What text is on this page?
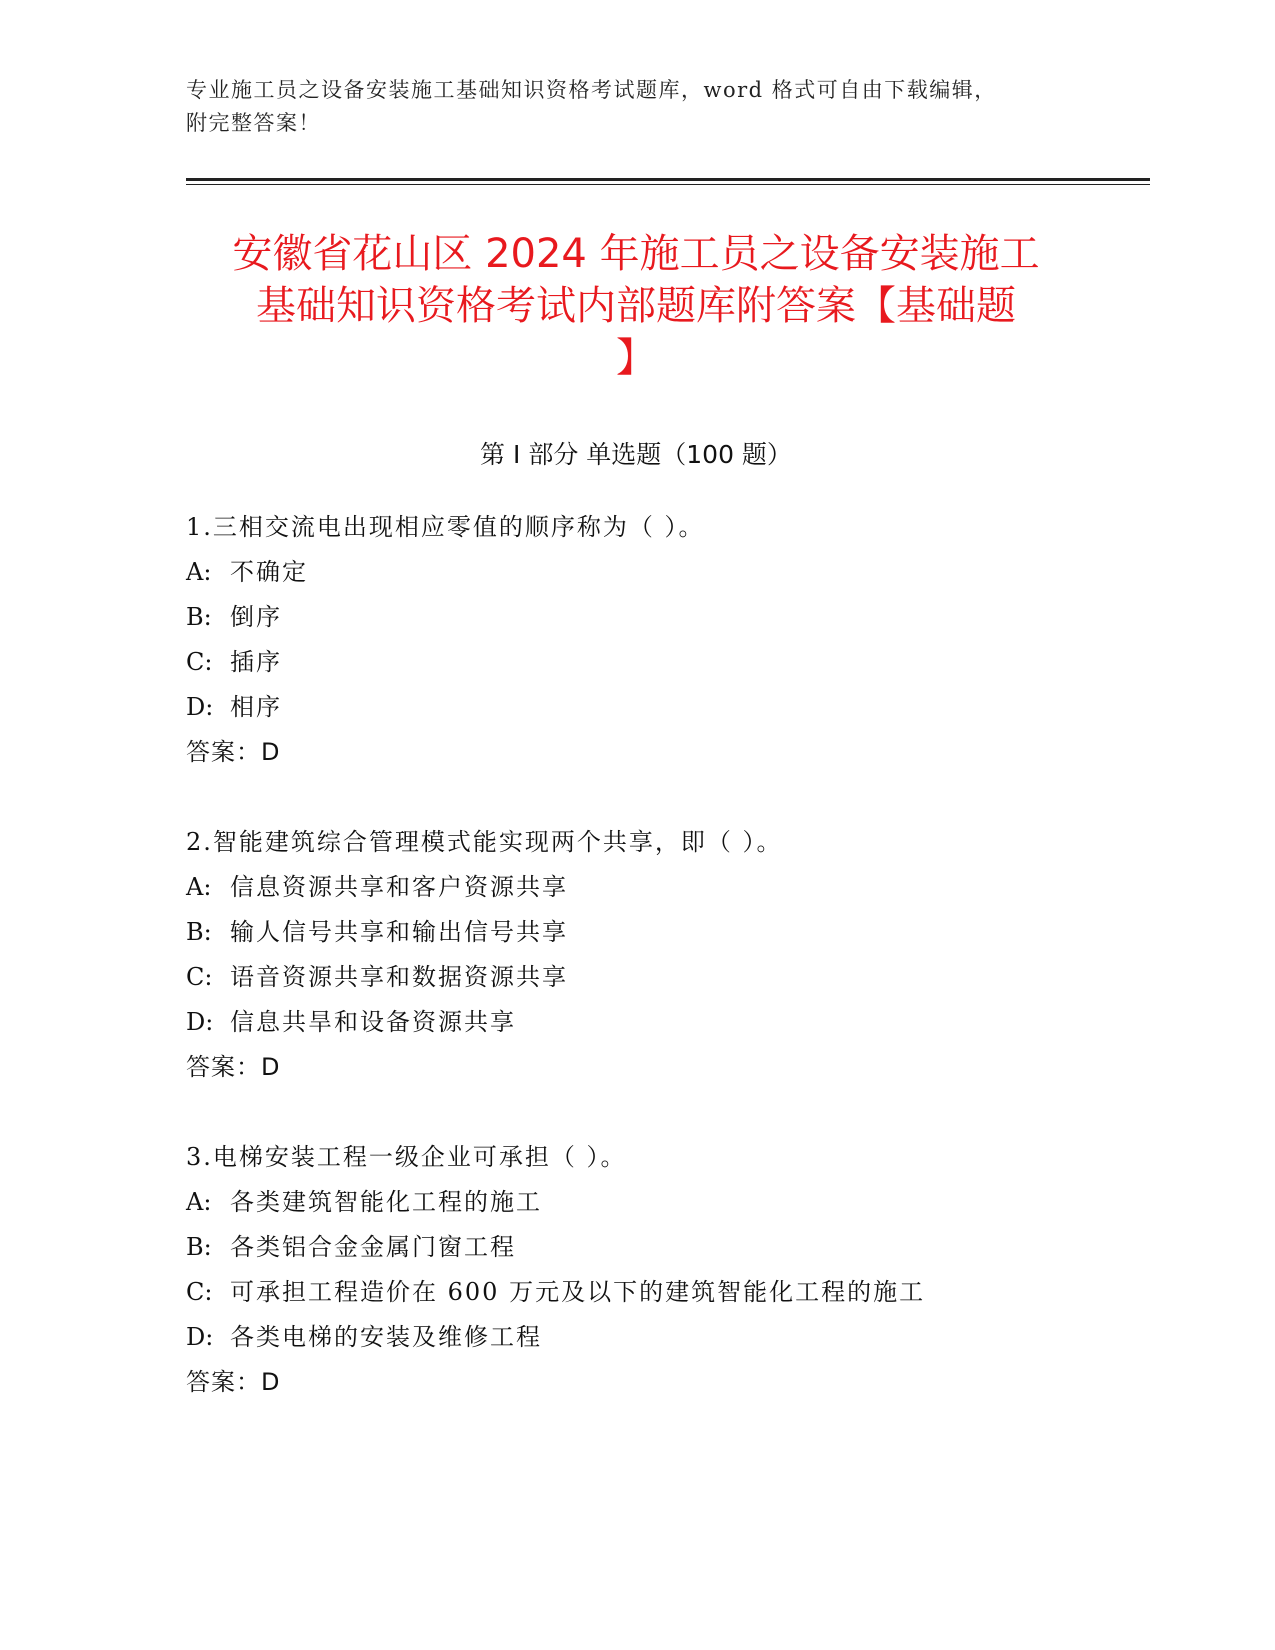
专业施工员之设备安装施工基础知识资格考试题库，word 格式可自由下载编辑，
附完整答案！
安徽省花山区 2024 年施工员之设备安装施工
基础知识资格考试内部题库附答案【基础题
】
第 I 部分 单选题（100 题）
1.三相交流电出现相应零值的顺序称为（ ）。
A: 不确定
B: 倒序
C: 插序
D: 相序
答案：D
2.智能建筑综合管理模式能实现两个共享，即（ ）。
A: 信息资源共享和客户资源共享
B: 输人信号共享和输出信号共享
C: 语音资源共享和数据资源共享
D: 信息共旱和设备资源共享
答案：D
3.电梯安装工程一级企业可承担（ ）。
A: 各类建筑智能化工程的施工
B: 各类铝合金金属门窗工程
C: 可承担工程造价在 600 万元及以下的建筑智能化工程的施工
D: 各类电梯的安装及维修工程
答案：D
